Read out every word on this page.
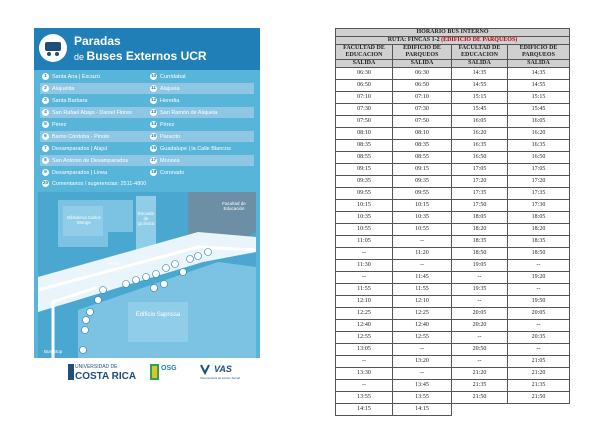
Paradas
de Buses Externos UCR
1 Santa Ana | Escazú	10 Curridabat
2 Alajuelita	11 Alajuela
3 Santa Barbara	12 Heredia
4 San Rafael Abajo - Daniel Flores	13 San Ramón de Alajuela
5 Pérez	14 Pérez
6 Barrio Córdoba - Pinolo	15 Paracito
7 Desamparados | Alajuí	16 Guadalupe | la Calle Blancos
8 San Antonio de Desamparados	17 Moravia
9 Desamparados | Linea	18 Coronado
20 Comentarios / sugerencias: 2511-4800
Biblioteca Carlos Monge
Escuela de Química
Facultad de Educación
Edificio Saprissa
Prado
Bus Stop
UNIVERSIDAD DE
COSTA RICA
OSG	VAS
Vicerrectoría de Acción Social
HORARIO BUS INTERNO			
RUTA: FINCAS 1-2 (EDIFICIO DE PARQUEOS)			
FACULTAD DE EDUCACION	EDIFICIO DE PARQUEOS	FACULTAD DE EDUCACION	EDIFICIO DE PARQUEOS
SALIDA	SALIDA	SALIDA	SALIDA
06:30	06:30	14:35	14:35
06:50	06:50	14:55	14:55
07:10	07:10	15:15	15:15
07:30	07:30	15:45	15:45
07:50	07:50	16:05	16:05
08:10	08:10	16:20	16:20
08:35	08:35	16:35	16:35
08:55	08:55	16:50	16:50
09:15	09:15	17:05	17:05
09:35	09:35	17:20	17:20
09:55	09:55	17:35	17:35
10:15	10:15	17:50	17:30
10:35	10:35	18:05	18:05
10:55	10:55	18:20	18:20
11:05	--	18:35	18:35
--	11:20	18:50	18:50
11:30	--	19:05	--
--	11:45	--	19:20
11:55	11:55	19:35	--
12:10	12:10	--	19:50
12:25	12:25	20:05	20:05
12:40	12:40	20:20	--
12:55	12:55	--	20:35
13:05	--	20:50	--
--	13:20	--	21:05
13:30	--	21:20	21:20
--	13:45	21:35	21:35
13:55	13:55	21:50	21:50
14:15	14:15		
